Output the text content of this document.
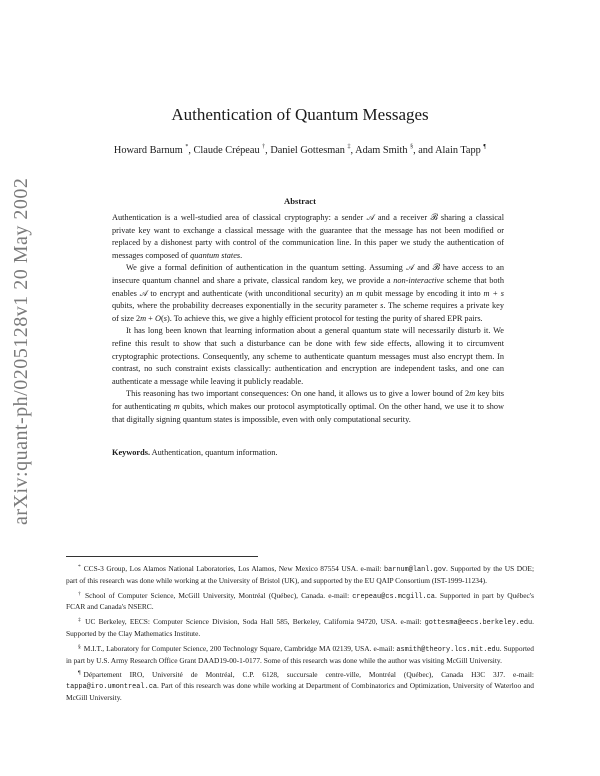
arXiv:quant-ph/0205128v1 20 May 2002
Authentication of Quantum Messages
Howard Barnum *, Claude Crépeau †, Daniel Gottesman ‡, Adam Smith §, and Alain Tapp ¶
Abstract

Authentication is a well-studied area of classical cryptography: a sender 𝒜 and a receiver ℬ sharing a classical private key want to exchange a classical message with the guarantee that the message has not been modified or replaced by a dishonest party with control of the communication line. In this paper we study the authentication of messages composed of quantum states.

We give a formal definition of authentication in the quantum setting. Assuming 𝒜 and ℬ have access to an insecure quantum channel and share a private, classical random key, we provide a non-interactive scheme that both enables 𝒜 to encrypt and authenticate (with unconditional security) an m qubit message by encoding it into m + s qubits, where the probability decreases exponentially in the security parameter s. The scheme requires a private key of size 2m + O(s). To achieve this, we give a highly efficient protocol for testing the purity of shared EPR pairs.

It has long been known that learning information about a general quantum state will necessarily disturb it. We refine this result to show that such a disturbance can be done with few side effects, allowing it to circumvent cryptographic protections. Consequently, any scheme to authenticate quantum messages must also encrypt them. In contrast, no such constraint exists classically: authentication and encryption are independent tasks, and one can authenticate a message while leaving it publicly readable.

This reasoning has two important consequences: On one hand, it allows us to give a lower bound of 2m key bits for authenticating m qubits, which makes our protocol asymptotically optimal. On the other hand, we use it to show that digitally signing quantum states is impossible, even with only computational security.

Keywords. Authentication, quantum information.

* CCS-3 Group, Los Alamos National Laboratories, Los Alamos, New Mexico 87554 USA. e-mail: barnum@lanl.gov. Supported by the US DOE; part of this research was done while working at the University of Bristol (UK), and supported by the EU QAIP Consortium (IST-1999-11234).

† School of Computer Science, McGill University, Montréal (Québec), Canada. e-mail: crepeau@cs.mcgill.ca. Supported in part by Québec's FCAR and Canada's NSERC.

‡ UC Berkeley, EECS: Computer Science Division, Soda Hall 585, Berkeley, California 94720, USA. e-mail: gottesma@eecs.berkeley.edu. Supported by the Clay Mathematics Institute.

§ M.I.T., Laboratory for Computer Science, 200 Technology Square, Cambridge MA 02139, USA. e-mail: asmith@theory.lcs.mit.edu. Supported in part by U.S. Army Research Office Grant DAAD19-00-1-0177. Some of this research was done while the author was visiting McGill University.

¶ Département IRO, Université de Montréal, C.P. 6128, succursale centre-ville, Montréal (Québec), Canada H3C 3J7. e-mail: tappa@iro.umontreal.ca. Part of this research was done while working at Department of Combinatorics and Optimization, University of Waterloo and McGill University.
